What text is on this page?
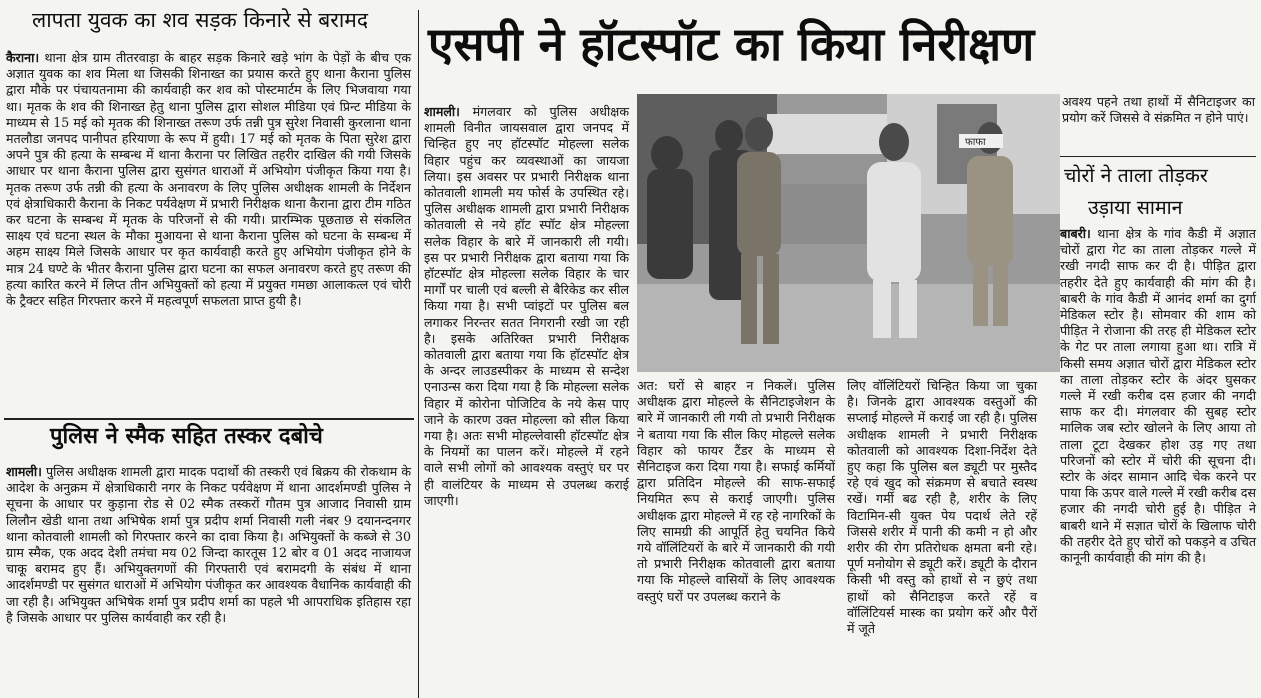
लापता युवक का शव सड़क किनारे से बरामद

कैराना। थाना क्षेत्र ग्राम तीतरवाड़ा के बाहर सड़क किनारे खड़े भांग के पेड़ों के बीच एक अज्ञात युवक का शव मिला था जिसकी शिनाख्त का प्रयास करते हुए थाना कैराना पुलिस द्वारा मौके पर पंचायतनामा की कार्यवाही कर शव को पोस्टमार्टम के लिए भिजवाया गया था। मृतक के शव की शिनाख्त हेतु थाना पुलिस द्वारा सोशल मीडिया एवं प्रिन्ट मीडिया के माध्यम से 15 मई को मृतक की शिनाख्त तरूण उर्फ तन्नी पुत्र सुरेश निवासी कुरलाना थाना मतलौडा जनपद पानीपत हरियाणा के रूप में हुयी। 17 मई को मृतक के पिता सुरेश द्वारा अपने पुत्र की हत्या के सम्बन्ध में थाना कैराना पर लिखित तहरीर दाखिल की गयी जिसके आधार पर थाना कैराना पुलिस द्वारा सुसंगत धाराओं में अभियोग पंजीकृत किया गया है। मृतक तरूण उर्फ तन्नी की हत्या के अनावरण के लिए पुलिस अधीक्षक शामली के निर्देशन एवं क्षेत्राधिकारी कैराना के निकट पर्यवेक्षण में प्रभारी निरीक्षक थाना कैराना द्वारा टीम गठित कर घटना के सम्बन्ध में मृतक के परिजनों से की गयी। प्रारम्भिक पूछताछ से संकलित साक्ष्य एवं घटना स्थल के मौका मुआयना से थाना कैराना पुलिस को घटना के सम्बन्ध में अहम साक्ष्य मिले जिसके आधार पर कृत कार्यवाही करते हुए अभियोग पंजीकृत होने के मात्र 24 घण्टे के भीतर कैराना पुलिस द्वारा घटना का सफल अनावरण करते हुए तरूण की हत्या कारित करने में लिप्त तीन अभियुक्तों को हत्या में प्रयुक्त गमछा आलाकत्ल एवं चोरी के ट्रैक्टर सहित गिरफ्तार करने में महत्वपूर्ण सफलता प्राप्त हुयी है।

पुलिस ने स्मैक सहित तस्कर दबोचे

शामली। पुलिस अधीक्षक शामली द्वारा मादक पदार्थो की तस्करी एवं बिक्रय की रोकथाम के आदेश के अनुक्रम में क्षेत्राधिकारी नगर के निकट पर्यवेक्षण में थाना आदर्शमण्डी पुलिस ने सूचना के आधार पर कुड़ाना रोड से 02 स्मैक तस्करों गौतम पुत्र आजाद निवासी ग्राम लिलौन खेडी थाना तथा अभिषेक शर्मा पुत्र प्रदीप शर्मा निवासी गली नंबर 9 दयानन्दनगर थाना कोतवाली शामली को गिरफ्तार करने का दावा किया है। अभियुक्तों के कब्जे से 30 ग्राम स्मैक, एक अदद देशी तमंचा मय 02 जिन्दा कारतूस 12 बोर व 01 अदद नाजायज चाकू बरामद हुए हैं। अभियुक्तगणों की गिरफ्तारी एवं बरामदगी के संबंध में थाना आदर्शमण्डी पर सुसंगत धाराओं में अभियोग पंजीकृत कर आवश्यक वैधानिक कार्यवाही की जा रही है। अभियुक्त अभिषेक शर्मा पुत्र प्रदीप शर्मा का पहले भी आपराधिक इतिहास रहा है जिसके आधार पर पुलिस कार्यवाही कर रही है।

एसपी ने हॉटस्पॉट का किया निरीक्षण

शामली। मंगलवार को पुलिस अधीक्षक शामली विनीत जायसवाल द्वारा जनपद में चिन्हित हुए नए हॉटस्पॉट मोहल्ला सलेक विहार पहुंच कर व्यवस्थाओं का जायजा लिया। इस अवसर पर प्रभारी निरीक्षक थाना कोतवाली शामली मय फोर्स के उपस्थित रहे। पुलिस अधीक्षक शामली द्वारा प्रभारी निरीक्षक कोतवाली से नये हॉट स्पॉट क्षेत्र मोहल्ला सलेक विहार के बारे में जानकारी ली गयी। इस पर प्रभारी निरीक्षक द्वारा बताया गया कि हॉटस्पॉट क्षेत्र मोहल्ला सलेक विहार के चार मार्गों पर चाली एवं बल्ली से बैरिकेड कर सील किया गया है। सभी प्वांइटों पर पुलिस बल लगाकर निरन्तर सतत निगरानी रखी जा रही है। इसके अतिरिक्त प्रभारी निरीक्षक कोतवाली द्वारा बताया गया कि हॉटस्पॉट क्षेत्र के अन्दर लाउडस्पीकर के माध्यम से सन्देश एनाउन्स करा दिया गया है कि मोहल्ला सलेक विहार में कोरोना पोजिटिव के नये केस पाए जाने के कारण उक्त मोहल्ला को सील किया गया है। अतः सभी मोहल्लेवासी हॉटस्पॉट क्षेत्र के नियमों का पालन करें। मोहल्ले में रहने वाले सभी लोगों को आवश्यक वस्तुएं घर पर ही वालंटियर के माध्यम से उपलब्ध कराई जाएगी।

फाफा

अत: घरों से बाहर न निकलें। पुलिस अधीक्षक द्वारा मोहल्ले के सैनिटाइजेशन के बारे में जानकारी ली गयी तो प्रभारी निरीक्षक ने बताया गया कि सील किए मोहल्ले सलेक विहार को फायर टैंडर के माध्यम से सैनिटाइज करा दिया गया है। सफाई कर्मियों द्वारा प्रतिदिन मोहल्ले की साफ-सफाई नियमित रूप से कराई जाएगी। पुलिस अधीक्षक द्वारा मोहल्ले में रह रहे नागरिकों के लिए सामग्री की आपूर्ति हेतु चयनित किये गये वॉलिंटियरों के बारे में जानकारी की गयी तो प्रभारी निरीक्षक कोतवाली द्वारा बताया गया कि मोहल्ले वासियों के लिए आवश्यक वस्तुएं घरों पर उपलब्ध कराने के

लिए वॉलिंटियरों चिन्हित किया जा चुका है। जिनके द्वारा आवश्यक वस्तुओं की सप्लाई मोहल्ले में कराई जा रही है। पुलिस अधीक्षक शामली ने प्रभारी निरीक्षक कोतवाली को आवश्यक दिशा-निर्देश देते हुए कहा कि पुलिस बल ड्यूटी पर मुस्तैद रहे एवं खुद को संक्रमण से बचाते स्वस्थ रखें। गर्मी बढ रही है, शरीर के लिए विटामिन-सी युक्त पेय पदार्थ लेते रहें जिससे शरीर में पानी की कमी न हो और शरीर की रोग प्रतिरोधक क्षमता बनी रहे। पूर्ण मनोयोग से ड्यूटी करें। ड्यूटी के दौरान किसी भी वस्तु को हाथों से न छुएं तथा हाथों को सैनिटाइज करते रहें व वॉलिंटियर्स मास्क का प्रयोग करें और पैरों में जूते

अवश्य पहने तथा हाथों में सैनिटाइजर का प्रयोग करें जिससे वे संक्रमित न होने पाएं।

चोरों ने ताला तोड़कर
उड़ाया सामान

बाबरी। थाना क्षेत्र के गांव कैडी में अज्ञात चोरों द्वारा गेट का ताला तोड़कर गल्ले में रखी नगदी साफ कर दी है। पीड़ित द्वारा तहरीर देते हुए कार्यवाही की मांग की है। बाबरी के गांव कैडी में आनंद शर्मा का दुर्गा मेडिकल स्टोर है। सोमवार की शाम को पीड़ित ने रोजाना की तरह ही मेडिकल स्टोर के गेट पर ताला लगाया हुआ था। रात्रि में किसी समय अज्ञात चोरों द्वारा मेडिकल स्टोर का ताला तोड़कर स्टोर के अंदर घुसकर गल्ले में रखी करीब दस हजार की नगदी साफ कर दी। मंगलवार की सुबह स्टोर मालिक जब स्टोर खोलने के लिए आया तो ताला टूटा देखकर होश उड़ गए तथा परिजनों को स्टोर में चोरी की सूचना दी। स्टोर के अंदर सामान आदि चेक करने पर पाया कि ऊपर वाले गल्ले में रखी करीब दस हजार की नगदी चोरी हुई है। पीड़ित ने बाबरी थाने में सज्ञात चोरों के खिलाफ चोरी की तहरीर देते हुए चोरों को पकड़ने व उचित कानूनी कार्यवाही की मांग की है।
